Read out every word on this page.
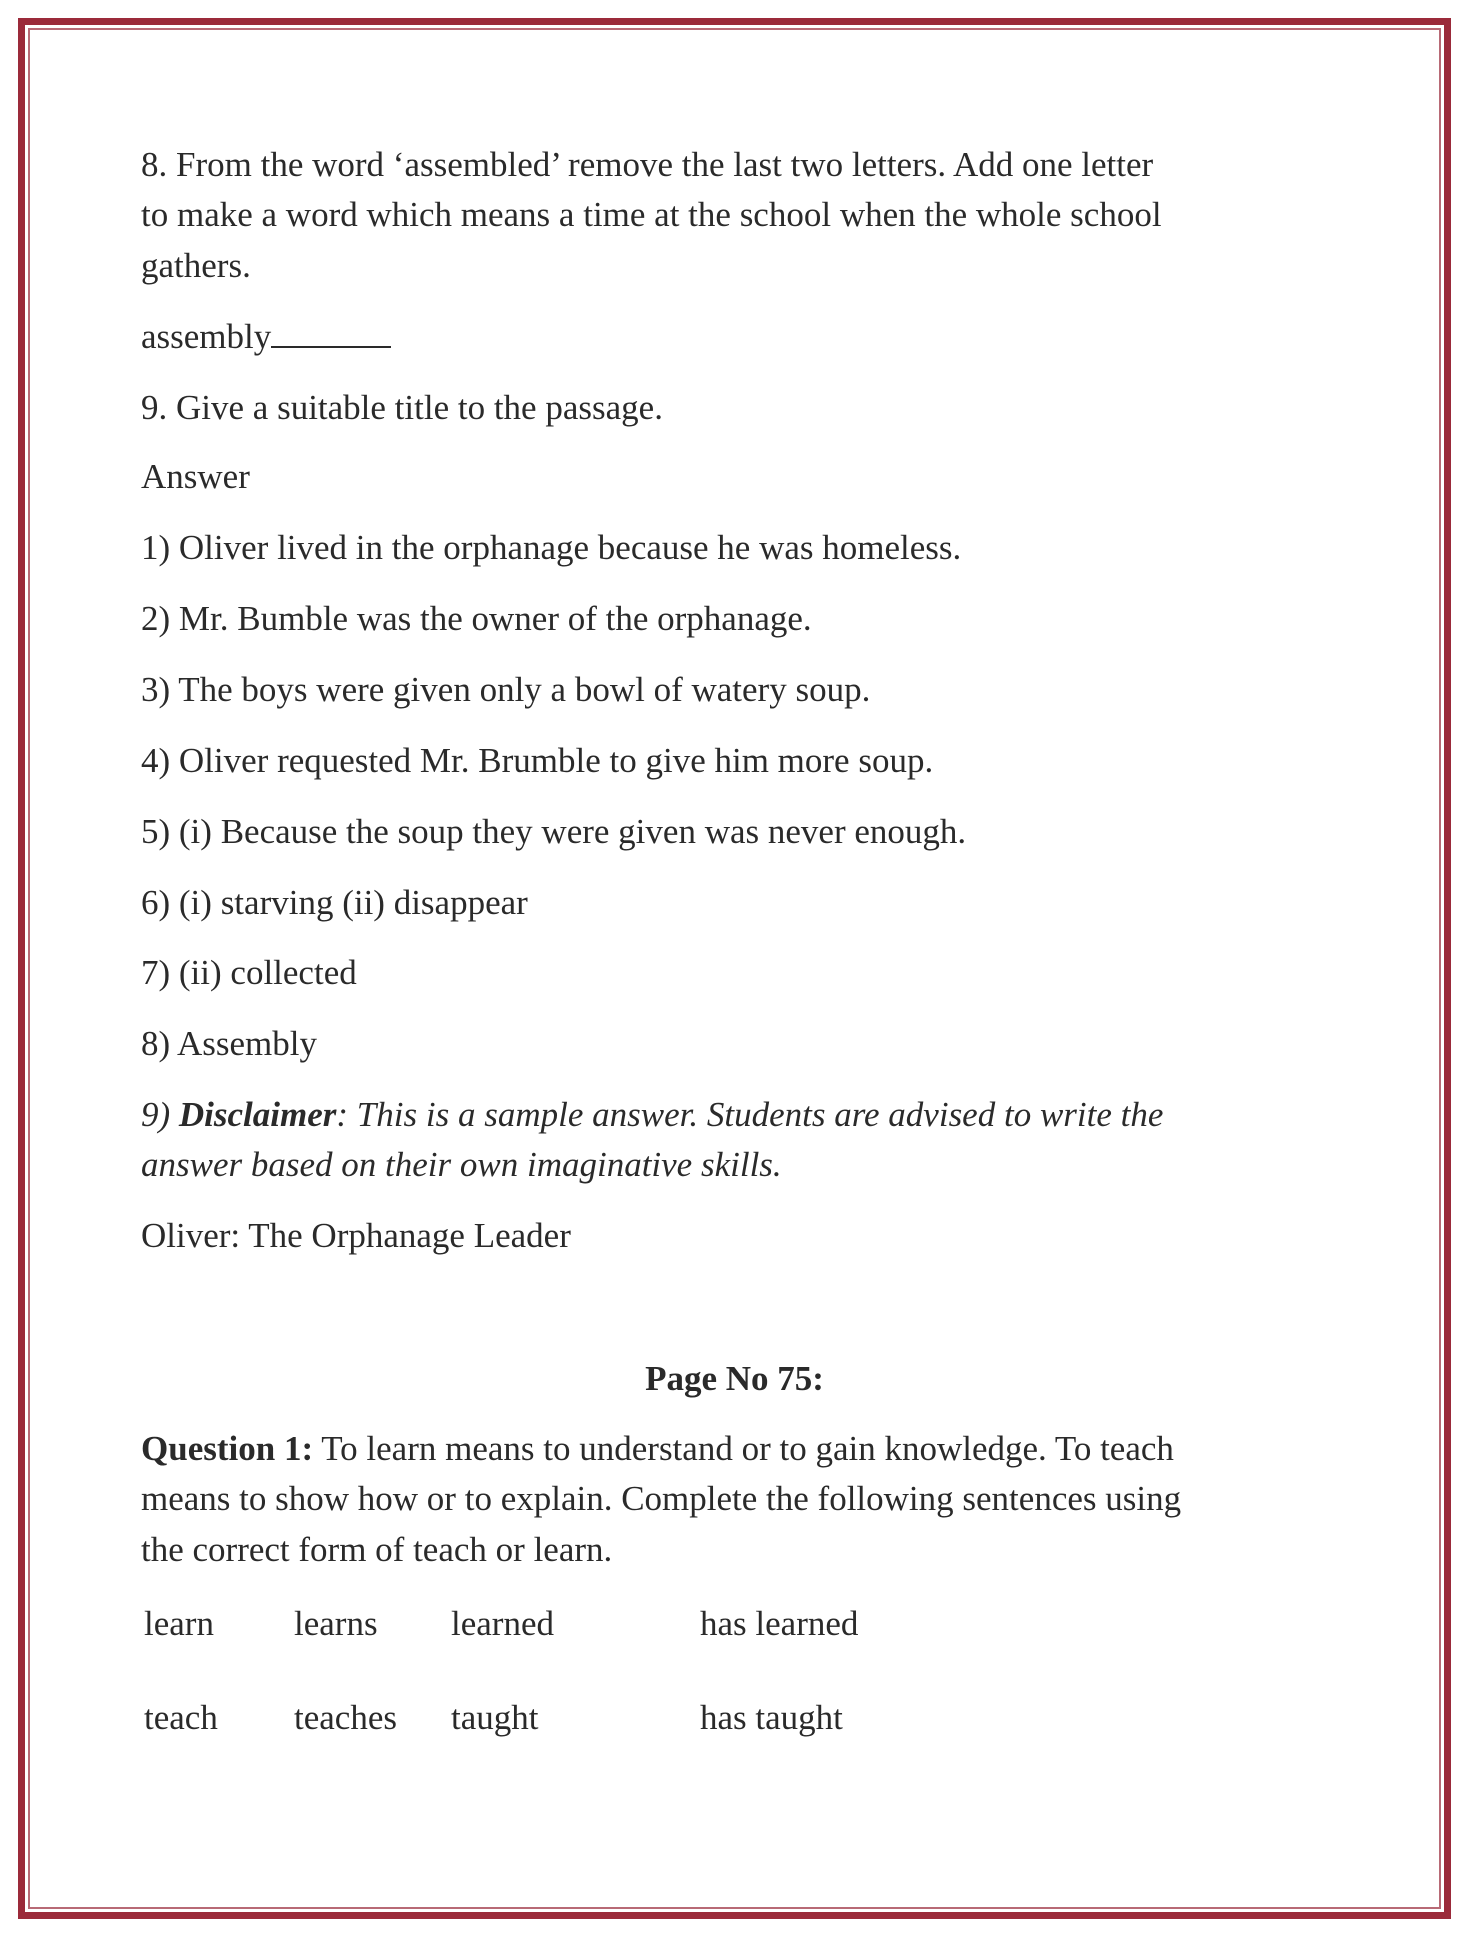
8. From the word ‘assembled’ remove the last two letters. Add one letter
to make a word which means a time at the school when the whole school
gathers.
assembly
9. Give a suitable title to the passage.
Answer
1) Oliver lived in the orphanage because he was homeless.
2) Mr. Bumble was the owner of the orphanage.
3) The boys were given only a bowl of watery soup.
4) Oliver requested Mr. Brumble to give him more soup.
5) (i) Because the soup they were given was never enough.
6) (i) starving (ii) disappear
7) (ii) collected
8) Assembly
9) Disclaimer: This is a sample answer. Students are advised to write the
answer based on their own imaginative skills.
Oliver: The Orphanage Leader
Page No 75:
Question 1: To learn means to understand or to gain knowledge. To teach
means to show how or to explain. Complete the following sentences using
the correct form of teach or learn.
learn learns learned	has learned
teach teaches taught	has taught
